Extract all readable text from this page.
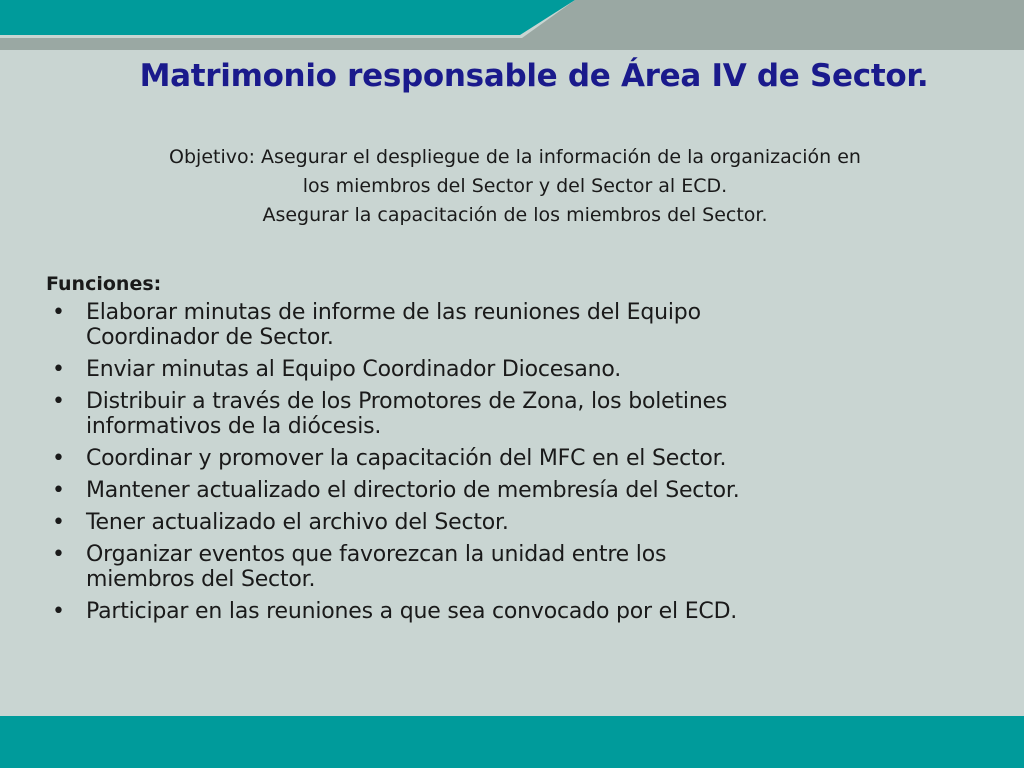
Matrimonio responsable de Área IV de Sector.
Objetivo: Asegurar el despliegue de la información de la organización en
los miembros del Sector y del Sector al ECD.
Asegurar la capacitación de los miembros del Sector.
Funciones:
• Elaborar minutas de informe de las reuniones del Equipo
Coordinador de Sector.
• Enviar minutas al Equipo Coordinador Diocesano.
• Distribuir a través de los Promotores de Zona, los boletines
informativos de la diócesis.
• Coordinar y promover la capacitación del MFC en el Sector.
• Mantener actualizado el directorio de membresía del Sector.
• Tener actualizado el archivo del Sector.
• Organizar eventos que favorezcan la unidad entre los
miembros del Sector.
• Participar en las reuniones a que sea convocado por el ECD.
